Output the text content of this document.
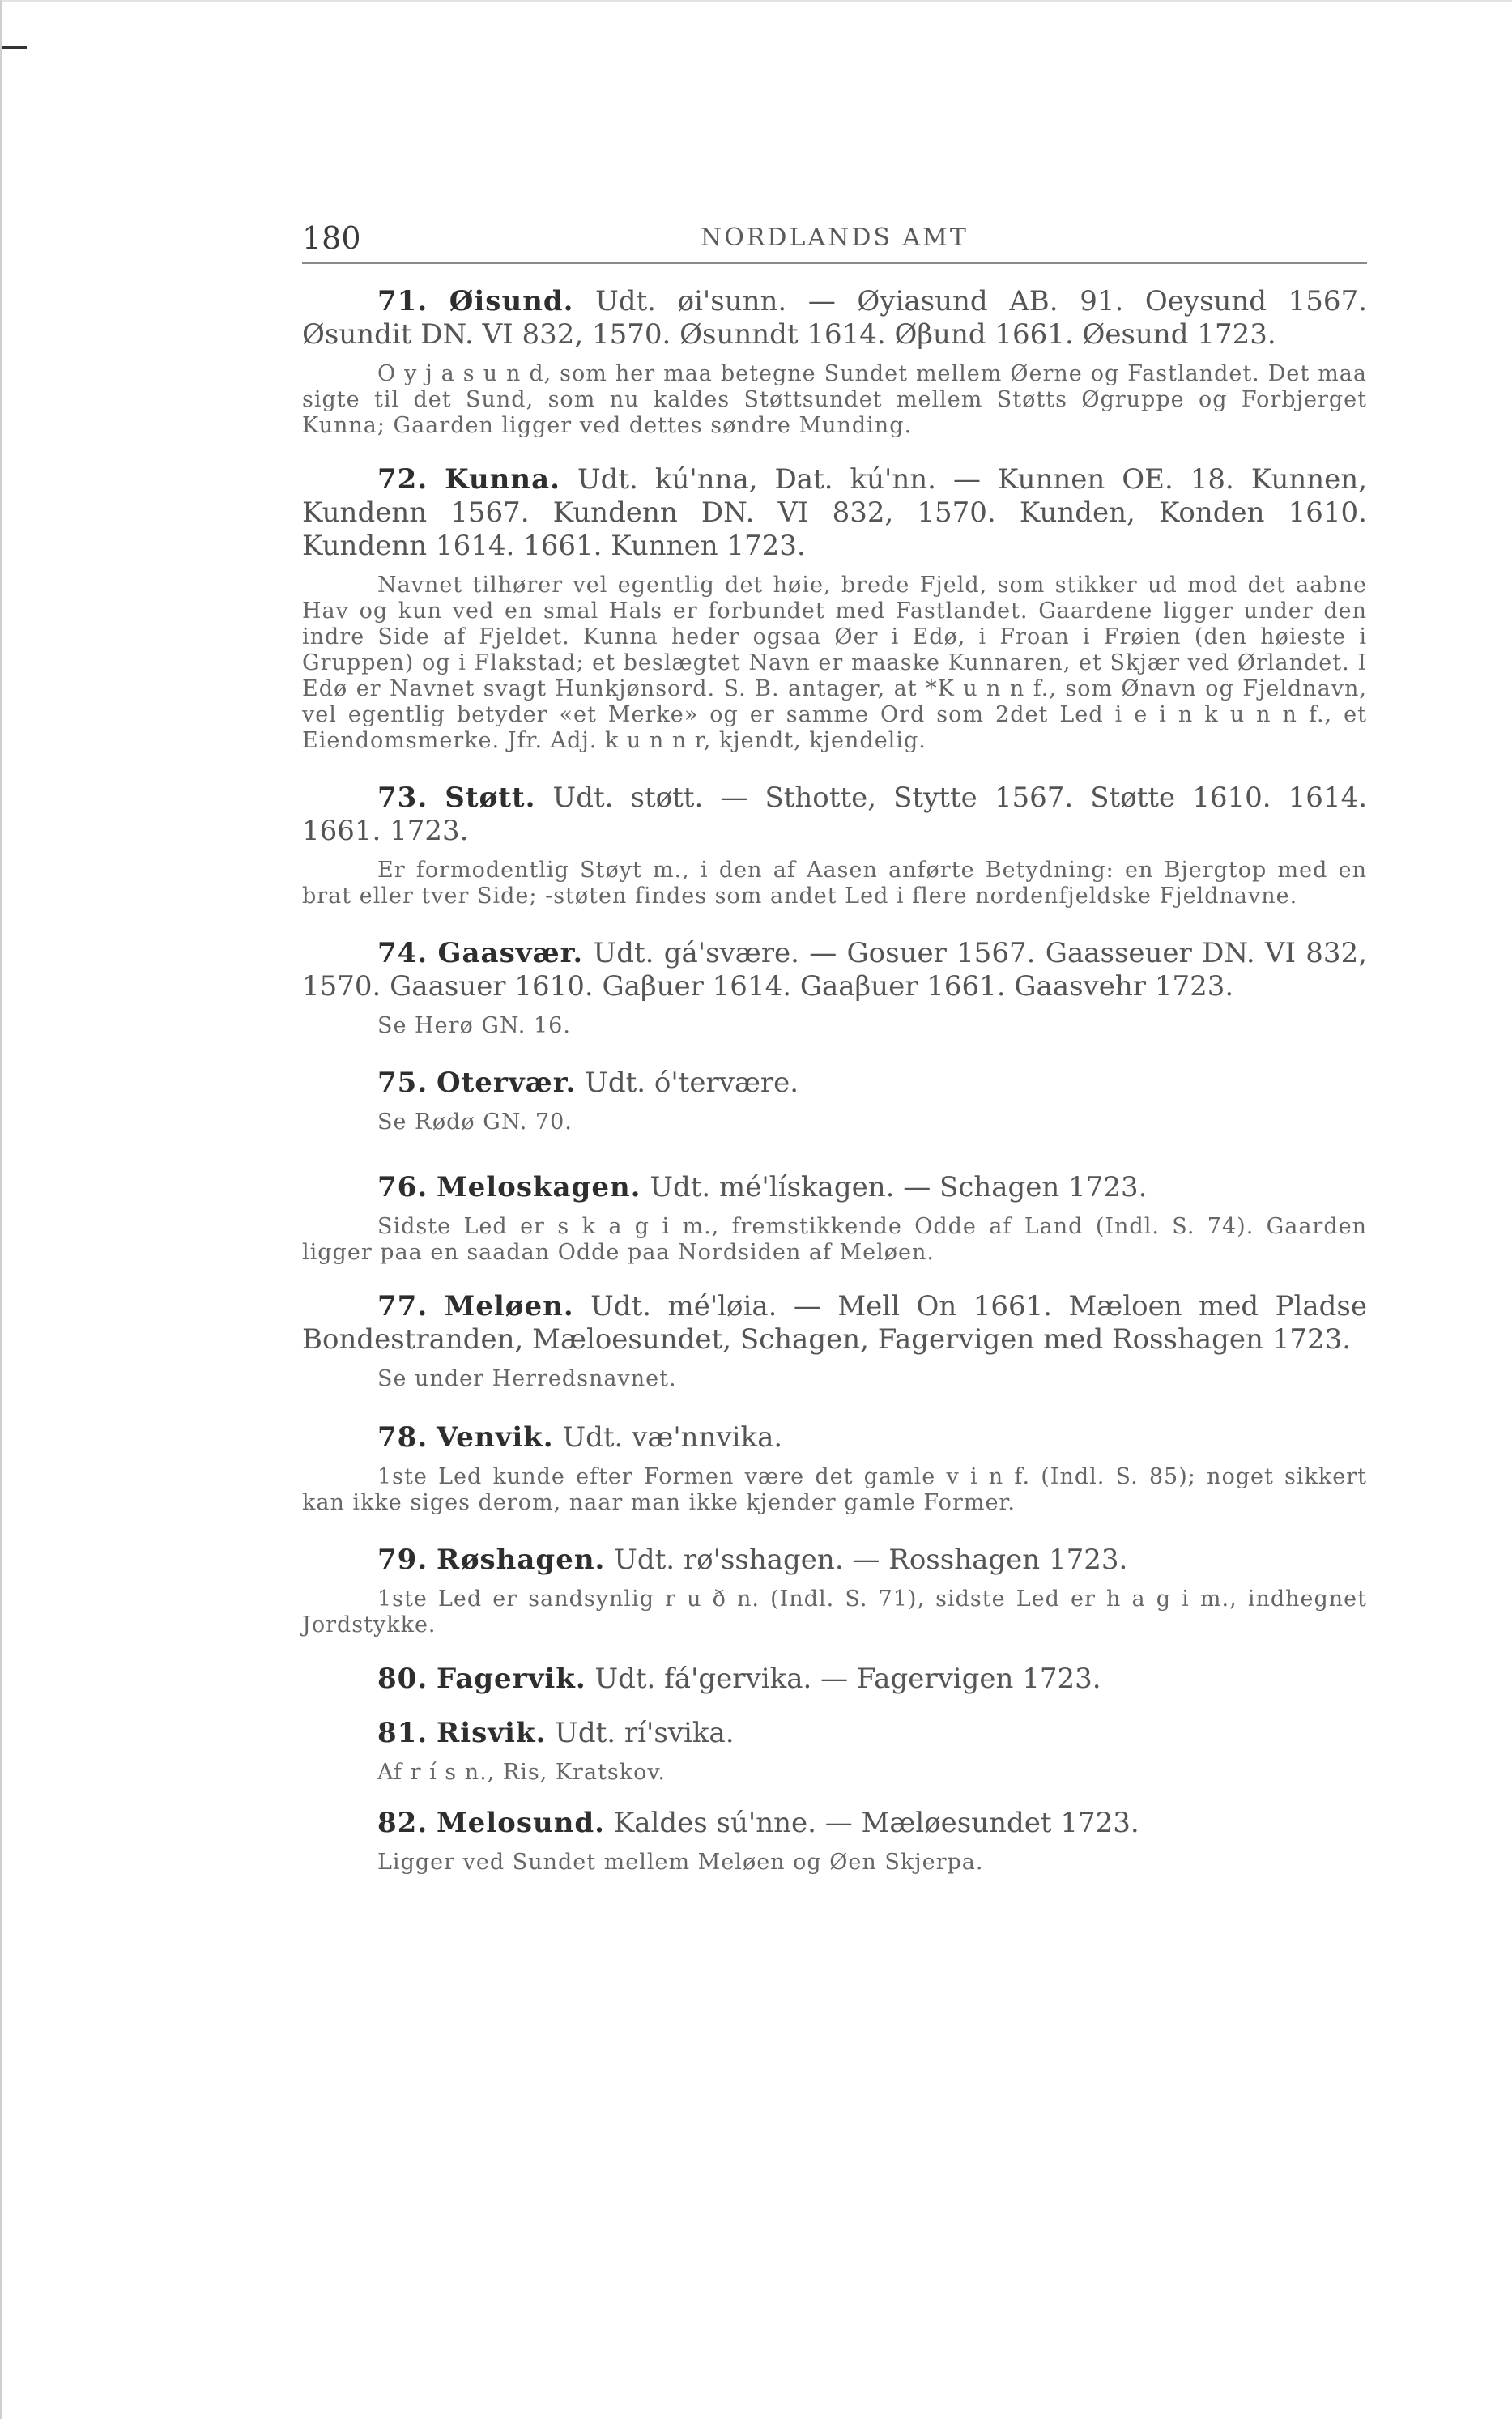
180	NORDLANDS AMT

71. Øisund. Udt. øi'sunn. — Øyiasund AB. 91. Oeysund 1567. Øsundit DN. VI 832, 1570. Øsunndt 1614. Øβund 1661. Øesund 1723.

O y j a s u n d, som her maa betegne Sundet mellem Øerne og Fastlandet. Det maa sigte til det Sund, som nu kaldes Støttsundet mellem Støtts Øgruppe og Forbjerget Kunna; Gaarden ligger ved dettes søndre Munding.

72. Kunna. Udt. kú'nna, Dat. kú'nn. — Kunnen OE. 18. Kunnen, Kundenn 1567. Kundenn DN. VI 832, 1570. Kunden, Konden 1610. Kundenn 1614. 1661. Kunnen 1723.

Navnet tilhører vel egentlig det høie, brede Fjeld, som stikker ud mod det aabne Hav og kun ved en smal Hals er forbundet med Fastlandet. Gaardene ligger under den indre Side af Fjeldet. Kunna heder ogsaa Øer i Edø, i Froan i Frøien (den høieste i Gruppen) og i Flakstad; et beslægtet Navn er maaske Kunnaren, et Skjær ved Ørlandet. I Edø er Navnet svagt Hunkjønsord. S. B. antager, at *K u n n f., som Ønavn og Fjeldnavn, vel egentlig betyder «et Merke» og er samme Ord som 2det Led i e i n k u n n f., et Eiendomsmerke. Jfr. Adj. k u n n r, kjendt, kjendelig.

73. Støtt. Udt. støtt. — Sthotte, Stytte 1567. Støtte 1610. 1614. 1661. 1723.

Er formodentlig Støyt m., i den af Aasen anførte Betydning: en Bjergtop med en brat eller tver Side; -støten findes som andet Led i flere nordenfjeldske Fjeldnavne.

74. Gaasvær. Udt. gá'svære. — Gosuer 1567. Gaasseuer DN. VI 832, 1570. Gaasuer 1610. Gaβuer 1614. Gaaβuer 1661. Gaasvehr 1723.

Se Herø GN. 16.

75. Otervær. Udt. ó'tervære.

Se Rødø GN. 70.

76. Meloskagen. Udt. mé'lískagen. — Schagen 1723.

Sidste Led er s k a g i m., fremstikkende Odde af Land (Indl. S. 74). Gaarden ligger paa en saadan Odde paa Nordsiden af Meløen.

77. Meløen. Udt. mé'løia. — Mell On 1661. Mæloen med Pladse Bondestranden, Mæloesundet, Schagen, Fagervigen med Rosshagen 1723.

Se under Herredsnavnet.

78. Venvik. Udt. væ'nnvika.

1ste Led kunde efter Formen være det gamle v i n f. (Indl. S. 85); noget sikkert kan ikke siges derom, naar man ikke kjender gamle Former.

79. Røshagen. Udt. rø'sshagen. — Rosshagen 1723.

1ste Led er sandsynlig r u ð n. (Indl. S. 71), sidste Led er h a g i m., indhegnet Jordstykke.

80. Fagervik. Udt. fá'gervika. — Fagervigen 1723.

81. Risvik. Udt. rí'svika.

Af r í s n., Ris, Kratskov.

82. Melosund. Kaldes sú'nne. — Mæløesundet 1723.

Ligger ved Sundet mellem Meløen og Øen Skjerpa.
